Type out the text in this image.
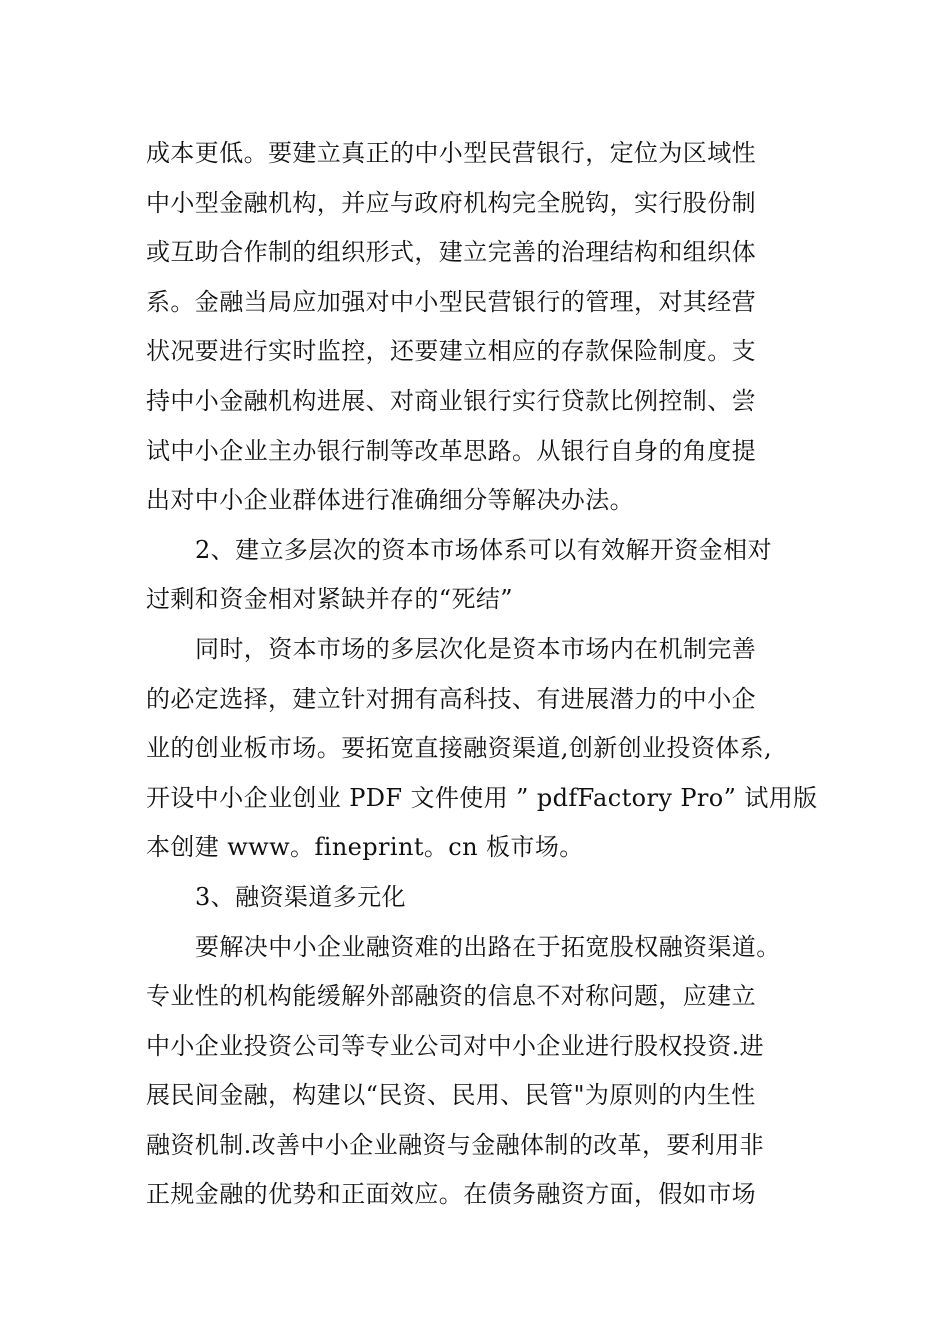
成本更低。要建立真正的中小型民营银行，定位为区域性
中小型金融机构，并应与政府机构完全脱钩，实行股份制
或互助合作制的组织形式，建立完善的治理结构和组织体
系。金融当局应加强对中小型民营银行的管理，对其经营
状况要进行实时监控，还要建立相应的存款保险制度。支
持中小金融机构进展、对商业银行实行贷款比例控制、尝
试中小企业主办银行制等改革思路。从银行自身的角度提
出对中小企业群体进行准确细分等解决办法。
2、建立多层次的资本市场体系可以有效解开资金相对
过剩和资金相对紧缺并存的“死结”
同时，资本市场的多层次化是资本市场内在机制完善
的必定选择，建立针对拥有高科技、有进展潜力的中小企
业的创业板市场。要拓宽直接融资渠道,创新创业投资体系,
开设中小企业创业 PDF 文件使用 ” pdfFactory Pro” 试用版
本创建 www。fineprint。cn 板市场。
3、融资渠道多元化
要解决中小企业融资难的出路在于拓宽股权融资渠道。
专业性的机构能缓解外部融资的信息不对称问题，应建立
中小企业投资公司等专业公司对中小企业进行股权投资.进
展民间金融，构建以“民资、民用、民管"为原则的内生性
融资机制.改善中小企业融资与金融体制的改革，要利用非
正规金融的优势和正面效应。在债务融资方面，假如市场
